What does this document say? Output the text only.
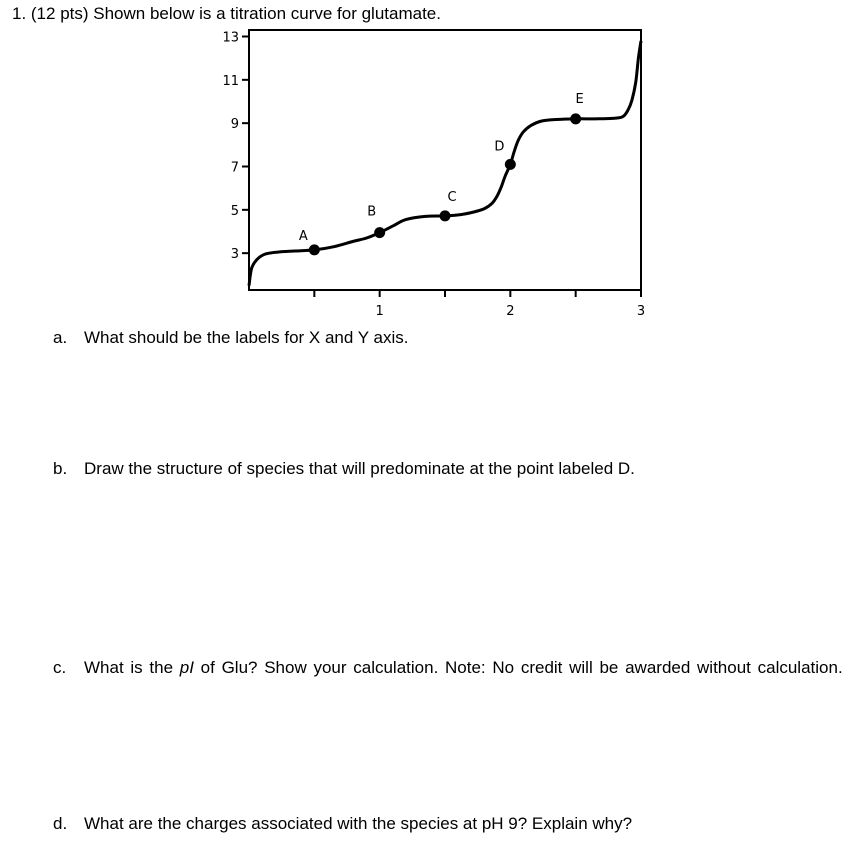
1. (12 pts) Shown below is a titration curve for glutamate.
13
11
9
7
5
3
1	2	3
A
B
C
D
E
a. What should be the labels for X and Y axis.
b. Draw the structure of species that will predominate at the point labeled D.
c. What is the pI of Glu? Show your calculation. Note: No credit will be awarded without calculation.
d. What are the charges associated with the species at pH 9? Explain why?
